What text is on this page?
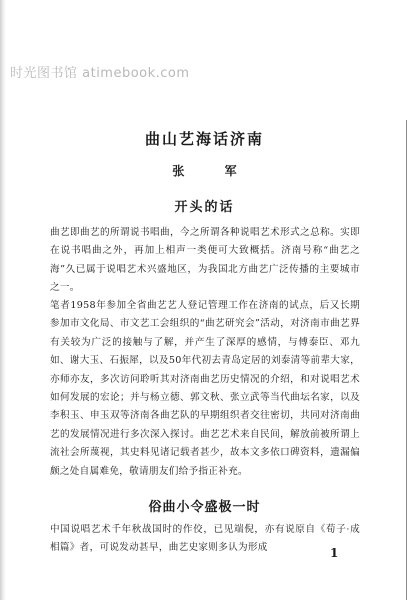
时光图书馆 atimebook.com
曲山艺海话济南
张 军
开头的话
曲艺即曲艺的所谓说书唱曲，今之所谓各种说唱艺术形式之总称。实即在说书唱曲之外，再加上相声一类便可大致概括。济南号称“曲艺之海”久已属于说唱艺术兴盛地区，为我国北方曲艺广泛传播的主要城市之一。
笔者1958年参加全省曲艺艺人登记管理工作在济南的试点，后又长期参加市文化局、市文艺工会组织的“曲艺研究会”活动，对济南市曲艺界有关较为广泛的接触与了解，并产生了深厚的感情，与傅泰臣、邓九如、谢大玉、石振犀，以及50年代初去青岛定居的刘泰清等前辈大家，亦师亦友，多次访问聆听其对济南曲艺历史情况的介绍，和对说唱艺术如何发展的宏论；并与杨立德、郭文秋、张立武等当代曲坛名家，以及李积玉、申玉双等济南各曲艺队的早期组织者交往密切，共同对济南曲艺的发展情况进行多次深入探讨。曲艺艺术来自民间，解放前被所谓上流社会所蔑视，其史料见诸记载者甚少，故本文多依口碑资料，遗漏偏颇之处自属难免，敬请朋友们给予指正补充。
俗曲小令盛极一时
中国说唱艺术千年秋战国时的作佼，已见端倪，亦有说原自《荀子·成相篇》者，可说发动甚早，曲艺史家则多认为形成	1
